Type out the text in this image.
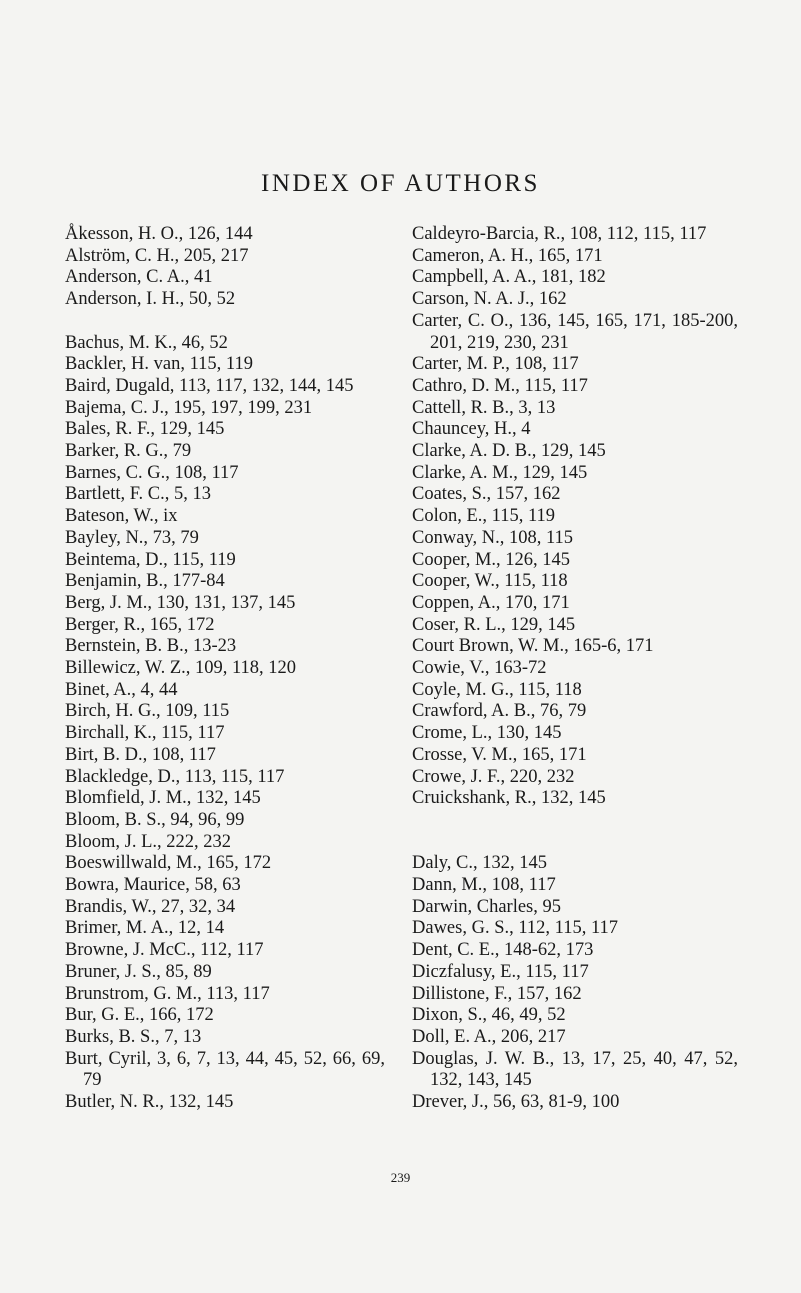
INDEX OF AUTHORS
Åkesson, H. O., 126, 144
Alström, C. H., 205, 217
Anderson, C. A., 41
Anderson, I. H., 50, 52
Bachus, M. K., 46, 52
Backler, H. van, 115, 119
Baird, Dugald, 113, 117, 132, 144, 145
Bajema, C. J., 195, 197, 199, 231
Bales, R. F., 129, 145
Barker, R. G., 79
Barnes, C. G., 108, 117
Bartlett, F. C., 5, 13
Bateson, W., ix
Bayley, N., 73, 79
Beintema, D., 115, 119
Benjamin, B., 177-84
Berg, J. M., 130, 131, 137, 145
Berger, R., 165, 172
Bernstein, B. B., 13-23
Billewicz, W. Z., 109, 118, 120
Binet, A., 4, 44
Birch, H. G., 109, 115
Birchall, K., 115, 117
Birt, B. D., 108, 117
Blackledge, D., 113, 115, 117
Blomfield, J. M., 132, 145
Bloom, B. S., 94, 96, 99
Bloom, J. L., 222, 232
Boeswillwald, M., 165, 172
Bowra, Maurice, 58, 63
Brandis, W., 27, 32, 34
Brimer, M. A., 12, 14
Browne, J. McC., 112, 117
Bruner, J. S., 85, 89
Brunstrom, G. M., 113, 117
Bur, G. E., 166, 172
Burks, B. S., 7, 13
Burt, Cyril, 3, 6, 7, 13, 44, 45, 52, 66, 69, 79
Butler, N. R., 132, 145
Caldeyro-Barcia, R., 108, 112, 115, 117
Cameron, A. H., 165, 171
Campbell, A. A., 181, 182
Carson, N. A. J., 162
Carter, C. O., 136, 145, 165, 171, 185-200, 201, 219, 230, 231
Carter, M. P., 108, 117
Cathro, D. M., 115, 117
Cattell, R. B., 3, 13
Chauncey, H., 4
Clarke, A. D. B., 129, 145
Clarke, A. M., 129, 145
Coates, S., 157, 162
Colon, E., 115, 119
Conway, N., 108, 115
Cooper, M., 126, 145
Cooper, W., 115, 118
Coppen, A., 170, 171
Coser, R. L., 129, 145
Court Brown, W. M., 165-6, 171
Cowie, V., 163-72
Coyle, M. G., 115, 118
Crawford, A. B., 76, 79
Crome, L., 130, 145
Crosse, V. M., 165, 171
Crowe, J. F., 220, 232
Cruickshank, R., 132, 145
Daly, C., 132, 145
Dann, M., 108, 117
Darwin, Charles, 95
Dawes, G. S., 112, 115, 117
Dent, C. E., 148-62, 173
Diczfalusy, E., 115, 117
Dillistone, F., 157, 162
Dixon, S., 46, 49, 52
Doll, E. A., 206, 217
Douglas, J. W. B., 13, 17, 25, 40, 47, 52, 132, 143, 145
Drever, J., 56, 63, 81-9, 100
239
